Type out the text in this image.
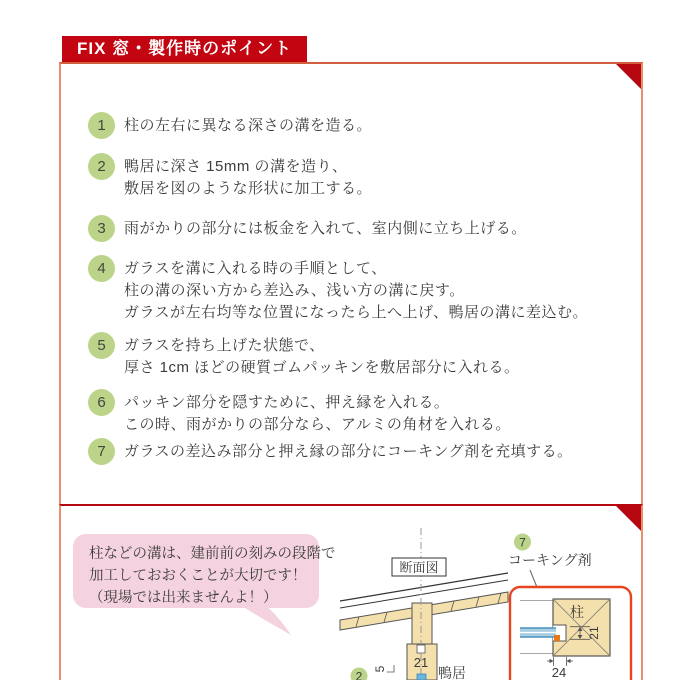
FIX 窓・製作時のポイント
1	柱の左右に異なる深さの溝を造る。
2	鴨居に深さ 15mm の溝を造り、
敷居を図のような形状に加工する。
3	雨がかりの部分には板金を入れて、室内側に立ち上げる。
4	ガラスを溝に入れる時の手順として、
柱の溝の深い方から差込み、浅い方の溝に戻す。
ガラスが左右均等な位置になったら上へ上げ、鴨居の溝に差込む。
5	ガラスを持ち上げた状態で、
厚さ 1cm ほどの硬質ゴムパッキンを敷居部分に入れる。
6	パッキン部分を隠すために、押え縁を入れる。
この時、雨がかりの部分なら、アルミの角材を入れる。
7	ガラスの差込み部分と押え縁の部分にコーキング剤を充填する。
柱などの溝は、建前前の刻みの段階で
加工しておおくことが大切です！
（現場では出来ませんよ！）
21
鴨居
5
2
断面図
7
コーキング剤
柱
21
24
